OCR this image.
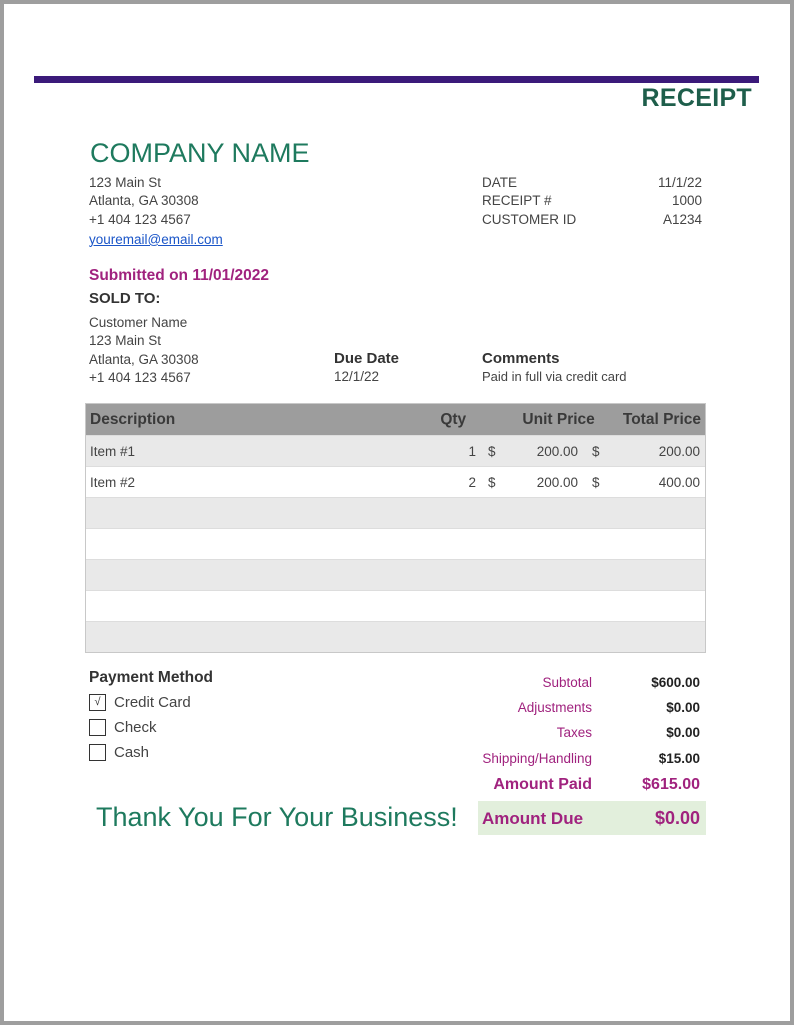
RECEIPT
COMPANY NAME
123 Main St
Atlanta, GA 30308
+1 404 123 4567
youremail@email.com
DATE	11/1/22
RECEIPT #	1000
CUSTOMER ID	A1234
Submitted on 11/01/2022
SOLD TO:
Customer Name
123 Main St
Atlanta, GA 30308
+1 404 123 4567
Due Date
12/1/22
Comments
Paid in full via credit card
Description	Qty	Unit Price	Total Price
Item #1	1 $	200.00	$	200.00
Item #2	2 $	200.00	$	400.00
Payment Method
√ Credit Card
Check
Cash
Subtotal	$600.00
Adjustments	$0.00
Taxes	$0.00
Shipping/Handling	$15.00
Amount Paid	$615.00
Amount Due	$0.00
Thank You For Your Business!
